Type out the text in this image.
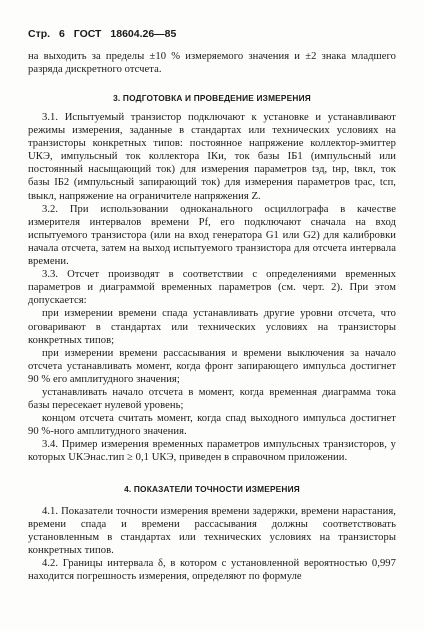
Стр. 6 ГОСТ 18604.26—85

на выходить за пределы ±10 % измеряемого значения и ±2 знака младшего разряда дискретного отсчета.

3. ПОДГОТОВКА И ПРОВЕДЕНИЕ ИЗМЕРЕНИЯ

3.1. Испытуемый транзистор подключают к установке и устанавливают режимы измерения, заданные в стандартах или технических условиях на транзисторы конкретных типов: постоянное напряжение коллектор-эмиттер UКЭ, импульсный ток коллектора IКи, ток базы IБ1 (импульсный или постоянный насыщающий ток) для измерения параметров tзд, tнр, tвкл, ток базы IБ2 (импульсный запирающий ток) для измерения параметров tрас, tсп, tвыкл, напряжение на ограничителе напряжения Z.

3.2. При использовании одноканального осциллографа в качестве измерителя интервалов времени Pf, его подключают сначала на вход испытуемого транзистора (или на вход генератора G1 или G2) для калибровки начала отсчета, затем на выход испытуемого транзистора для отсчета интервала времени.

3.3. Отсчет производят в соответствии с определениями временных параметров и диаграммой временных параметров (см. черт. 2). При этом допускается:

при измерении времени спада устанавливать другие уровни отсчета, что оговаривают в стандартах или технических условиях на транзисторы конкретных типов;

при измерении времени рассасывания и времени выключения за начало отсчета устанавливать момент, когда фронт запирающего импульса достигнет 90 % его амплитудного значения;

устанавливать начало отсчета в момент, когда временная диаграмма тока базы пересекает нулевой уровень;

концом отсчета считать момент, когда спад выходного импульса достигнет 90 %-ного амплитудного значения.

3.4. Пример измерения временных параметров импульсных транзисторов, у которых UКЭнас.тип ≥ 0,1 UКЭ, приведен в справочном приложении.

4. ПОКАЗАТЕЛИ ТОЧНОСТИ ИЗМЕРЕНИЯ

4.1. Показатели точности измерения времени задержки, времени нарастания, времени спада и времени рассасывания должны соответствовать установленным в стандартах или технических условиях на транзисторы конкретных типов.

4.2. Границы интервала δ, в котором с установленной вероятностью 0,997 находится погрешность измерения, определяют по формуле
